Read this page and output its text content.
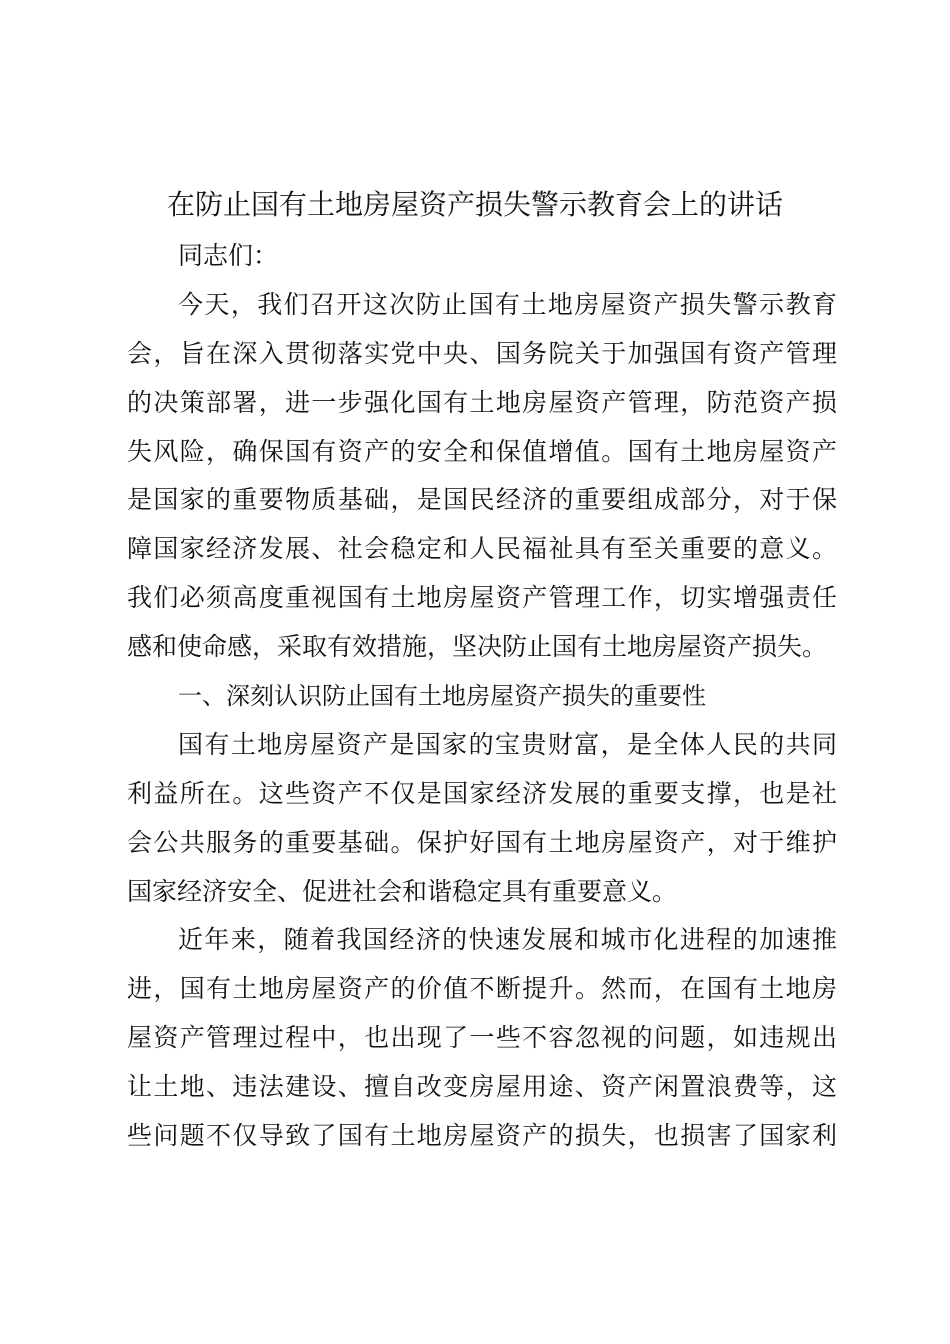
在防止国有土地房屋资产损失警示教育会上的讲话
同志们：
今天，我们召开这次防止国有土地房屋资产损失警示教育
会，旨在深入贯彻落实党中央、国务院关于加强国有资产管理
的决策部署，进一步强化国有土地房屋资产管理，防范资产损
失风险，确保国有资产的安全和保值增值。国有土地房屋资产
是国家的重要物质基础，是国民经济的重要组成部分，对于保
障国家经济发展、社会稳定和人民福祉具有至关重要的意义。
我们必须高度重视国有土地房屋资产管理工作，切实增强责任
感和使命感，采取有效措施，坚决防止国有土地房屋资产损失。
一、深刻认识防止国有土地房屋资产损失的重要性
国有土地房屋资产是国家的宝贵财富，是全体人民的共同
利益所在。这些资产不仅是国家经济发展的重要支撑，也是社
会公共服务的重要基础。保护好国有土地房屋资产，对于维护
国家经济安全、促进社会和谐稳定具有重要意义。
近年来，随着我国经济的快速发展和城市化进程的加速推
进，国有土地房屋资产的价值不断提升。然而，在国有土地房
屋资产管理过程中，也出现了一些不容忽视的问题，如违规出
让土地、违法建设、擅自改变房屋用途、资产闲置浪费等，这
些问题不仅导致了国有土地房屋资产的损失，也损害了国家利
